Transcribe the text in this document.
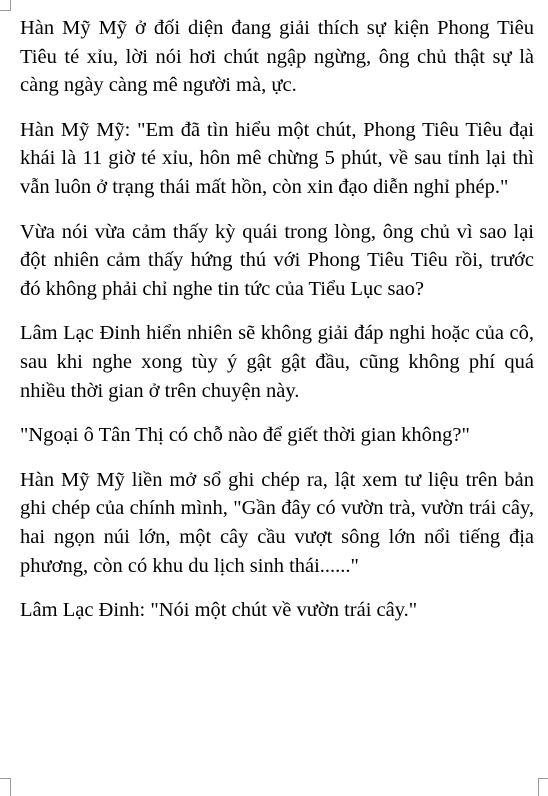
Hàn Mỹ Mỹ ở đối diện đang giải thích sự kiện Phong Tiêu Tiêu té xỉu, lời nói hơi chút ngập ngừng, ông chủ thật sự là càng ngày càng mê người mà, ực.

Hàn Mỹ Mỹ: "Em đã tìn hiểu một chút, Phong Tiêu Tiêu đại khái là 11 giờ té xỉu, hôn mê chừng 5 phút, về sau tỉnh lại thì vẫn luôn ở trạng thái mất hồn, còn xin đạo diễn nghỉ phép."

Vừa nói vừa cảm thấy kỳ quái trong lòng, ông chủ vì sao lại đột nhiên cảm thấy hứng thú với Phong Tiêu Tiêu rồi, trước đó không phải chỉ nghe tin tức của Tiểu Lục sao?

Lâm Lạc Đinh hiển nhiên sẽ không giải đáp nghi hoặc của cô, sau khi nghe xong tùy ý gật gật đầu, cũng không phí quá nhiều thời gian ở trên chuyện này.

"Ngoại ô Tân Thị có chỗ nào để giết thời gian không?"

Hàn Mỹ Mỹ liền mở sổ ghi chép ra, lật xem tư liệu trên bản ghi chép của chính mình, "Gần đây có vườn trà, vườn trái cây, hai ngọn núi lớn, một cây cầu vượt sông lớn nổi tiếng địa phương, còn có khu du lịch sinh thái......"

Lâm Lạc Đinh: "Nói một chút về vườn trái cây."
